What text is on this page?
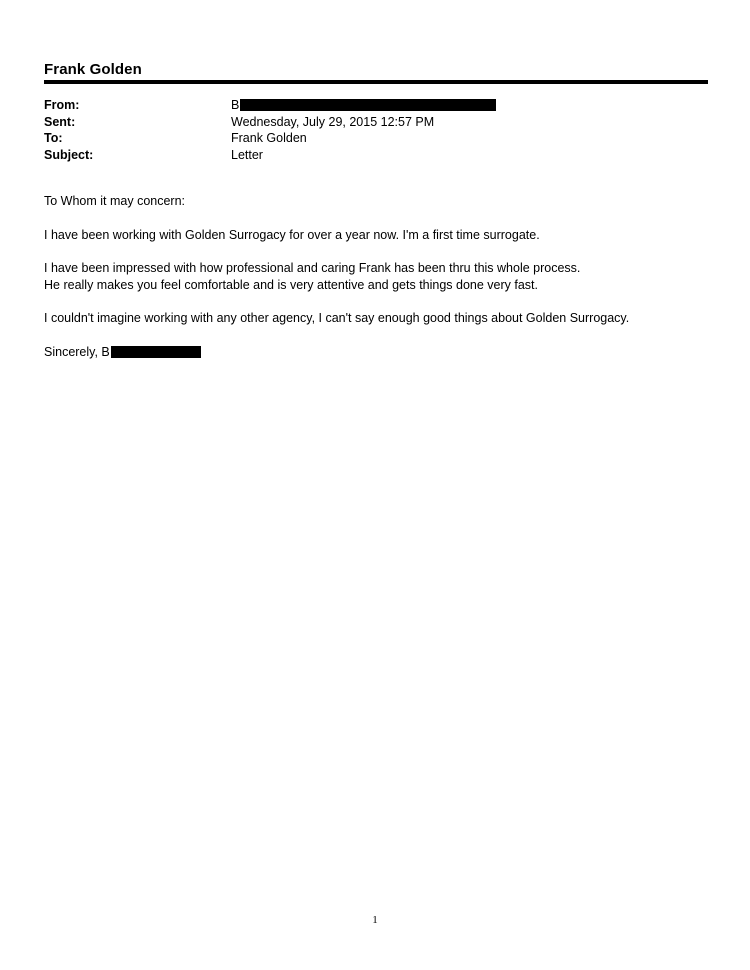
Frank Golden
From:	B
Sent:	Wednesday, July 29, 2015 12:57 PM
To:	Frank Golden
Subject:	Letter

To Whom it may concern:

I have been working with Golden Surrogacy for over a year now. I'm a first time surrogate.

I have been impressed with how professional and caring Frank has been thru this whole process.
He really makes you feel comfortable and is very attentive and gets things done very fast.

I couldn't imagine working with any other agency, I can't say enough good things about Golden Surrogacy.

Sincerely, B

1
